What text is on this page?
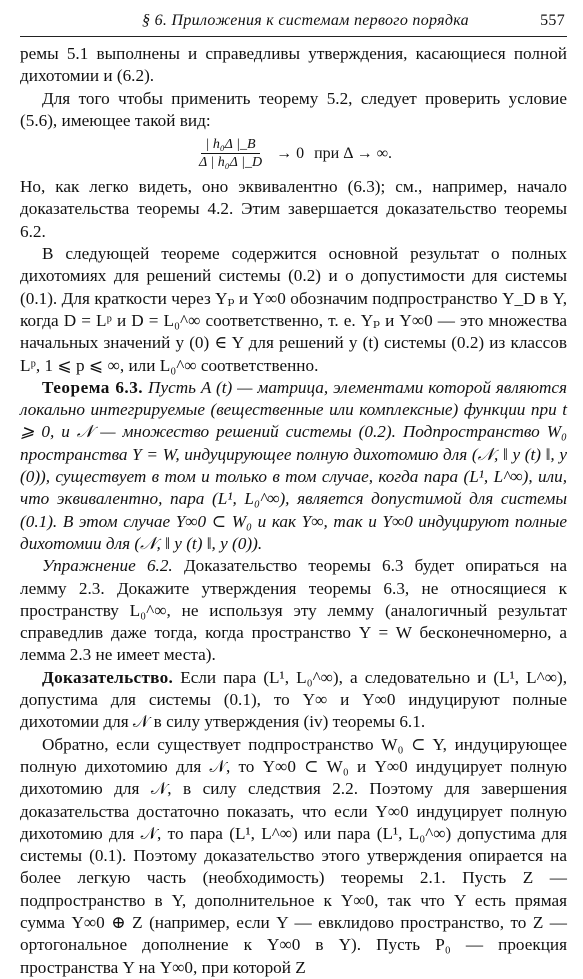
§ 6. Приложения к системам первого порядка	557

ремы 5.1 выполнены и справедливы утверждения, касающиеся полной дихотомии и (6.2).

Для того чтобы применить теорему 5.2, следует проверить условие (5.6), имеющее такой вид:

$\frac{\text{| h₀Δ |\_B}}{\text{Δ | h₀Δ |\_D}} \to 0$ при Δ → ∞.

Но, как легко видеть, оно эквивалентно (6.3); см., например, начало доказательства теоремы 4.2. Этим завершается доказательство теоремы 6.2.

В следующей теореме содержится основной результат о полных дихотомиях для решений системы (0.2) и о допустимости для системы (0.1). Для краткости через Yₚ и Y∞0 обозначим подпространство Y_D в Y, когда D = Lᵖ и D = L₀^∞ соответственно, т. е. Yₚ и Y∞0 — это множества начальных значений y (0) ∈ Y для решений y (t) системы (0.2) из классов Lᵖ, 1 ⩽ p ⩽ ∞, или L₀^∞ соответственно.

Теорема 6.3. Пусть A (t) — матрица, элементами которой являются локально интегрируемые (вещественные или комплексные) функции при t ⩾ 0, и 𝒩 — множество решений системы (0.2). Подпространство W₀ пространства Y = W, индуцирующее полную дихотомию для (𝒩, ‖ y (t) ‖, y (0)), существует в том и только в том случае, когда пара (L¹, L^∞), или, что эквивалентно, пара (L¹, L₀^∞), является допустимой для системы (0.1). В этом случае Y∞0 ⊂ W₀ и как Y∞, так и Y∞0 индуцируют полные дихотомии для (𝒩, ‖ y (t) ‖, y (0)).

Упражнение 6.2. Доказательство теоремы 6.3 будет опираться на лемму 2.3. Докажите утверждения теоремы 6.3, не относящиеся к пространству L₀^∞, не используя эту лемму (аналогичный результат справедлив даже тогда, когда пространство Y = W бесконечномерно, а лемма 2.3 не имеет места).

Доказательство. Если пара (L¹, L₀^∞), а следовательно и (L¹, L^∞), допустима для системы (0.1), то Y∞ и Y∞0 индуцируют полные дихотомии для 𝒩 в силу утверждения (iv) теоремы 6.1.

Обратно, если существует подпространство W₀ ⊂ Y, индуцирующее полную дихотомию для 𝒩, то Y∞0 ⊂ W₀ и Y∞0 индуцирует полную дихотомию для 𝒩, в силу следствия 2.2. Поэтому для завершения доказательства достаточно показать, что если Y∞0 индуцирует полную дихотомию для 𝒩, то пара (L¹, L^∞) или пара (L¹, L₀^∞) допустима для системы (0.1). Поэтому доказательство этого утверждения опирается на более легкую часть (необходимость) теоремы 2.1. Пусть Z — подпространство в Y, дополнительное к Y∞0, так что Y есть прямая сумма Y∞0 ⊕ Z (например, если Y — евклидово пространство, то Z — ортогональное дополнение к Y∞0 в Y). Пусть P₀ — проекция пространства Y на Y∞0, при которой Z
